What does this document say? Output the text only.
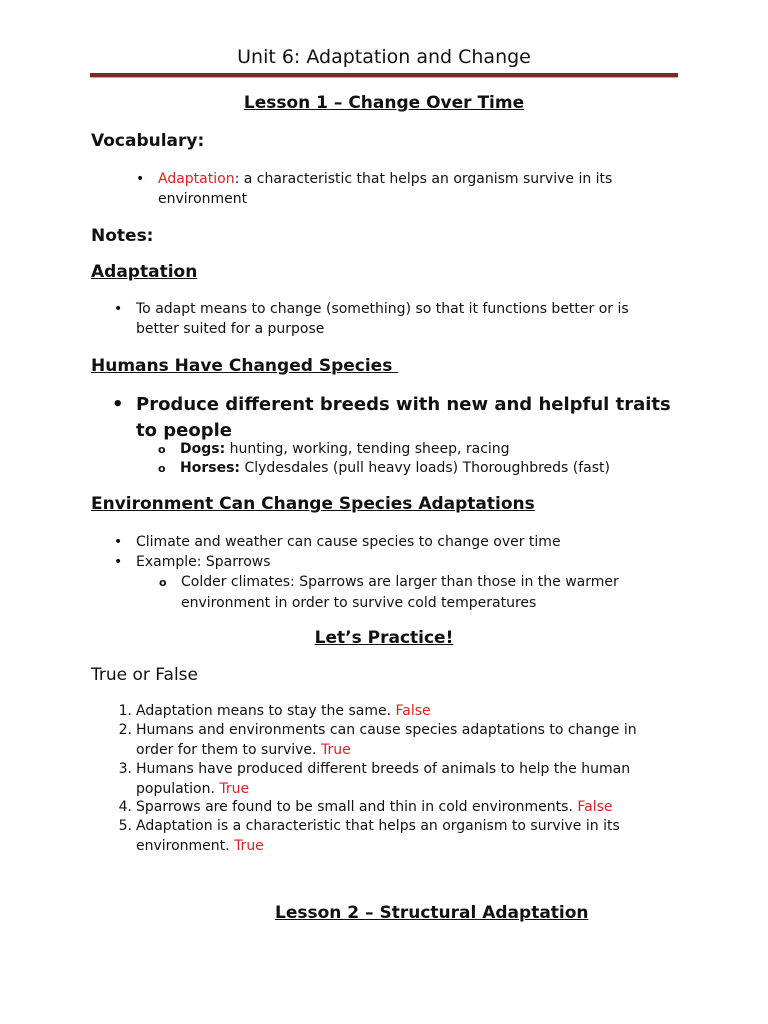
Unit 6: Adaptation and Change
Lesson 1 – Change Over Time
Vocabulary:
• Adaptation: a characteristic that helps an organism survive in its
environment
Notes:
Adaptation
• To adapt means to change (something) so that it functions better or is
better suited for a purpose
Humans Have Changed Species
• Produce different breeds with new and helpful traits
to people
o Dogs: hunting, working, tending sheep, racing
o Horses: Clydesdales (pull heavy loads) Thoroughbreds (fast)
Environment Can Change Species Adaptations
• Climate and weather can cause species to change over time
• Example: Sparrows
o Colder climates: Sparrows are larger than those in the warmer
environment in order to survive cold temperatures
Let’s Practice!
True or False
1. Adaptation means to stay the same. False
2. Humans and environments can cause species adaptations to change in
order for them to survive. True
3. Humans have produced different breeds of animals to help the human
population. True
4. Sparrows are found to be small and thin in cold environments. False
5. Adaptation is a characteristic that helps an organism to survive in its
environment. True
Lesson 2 – Structural Adaptation
